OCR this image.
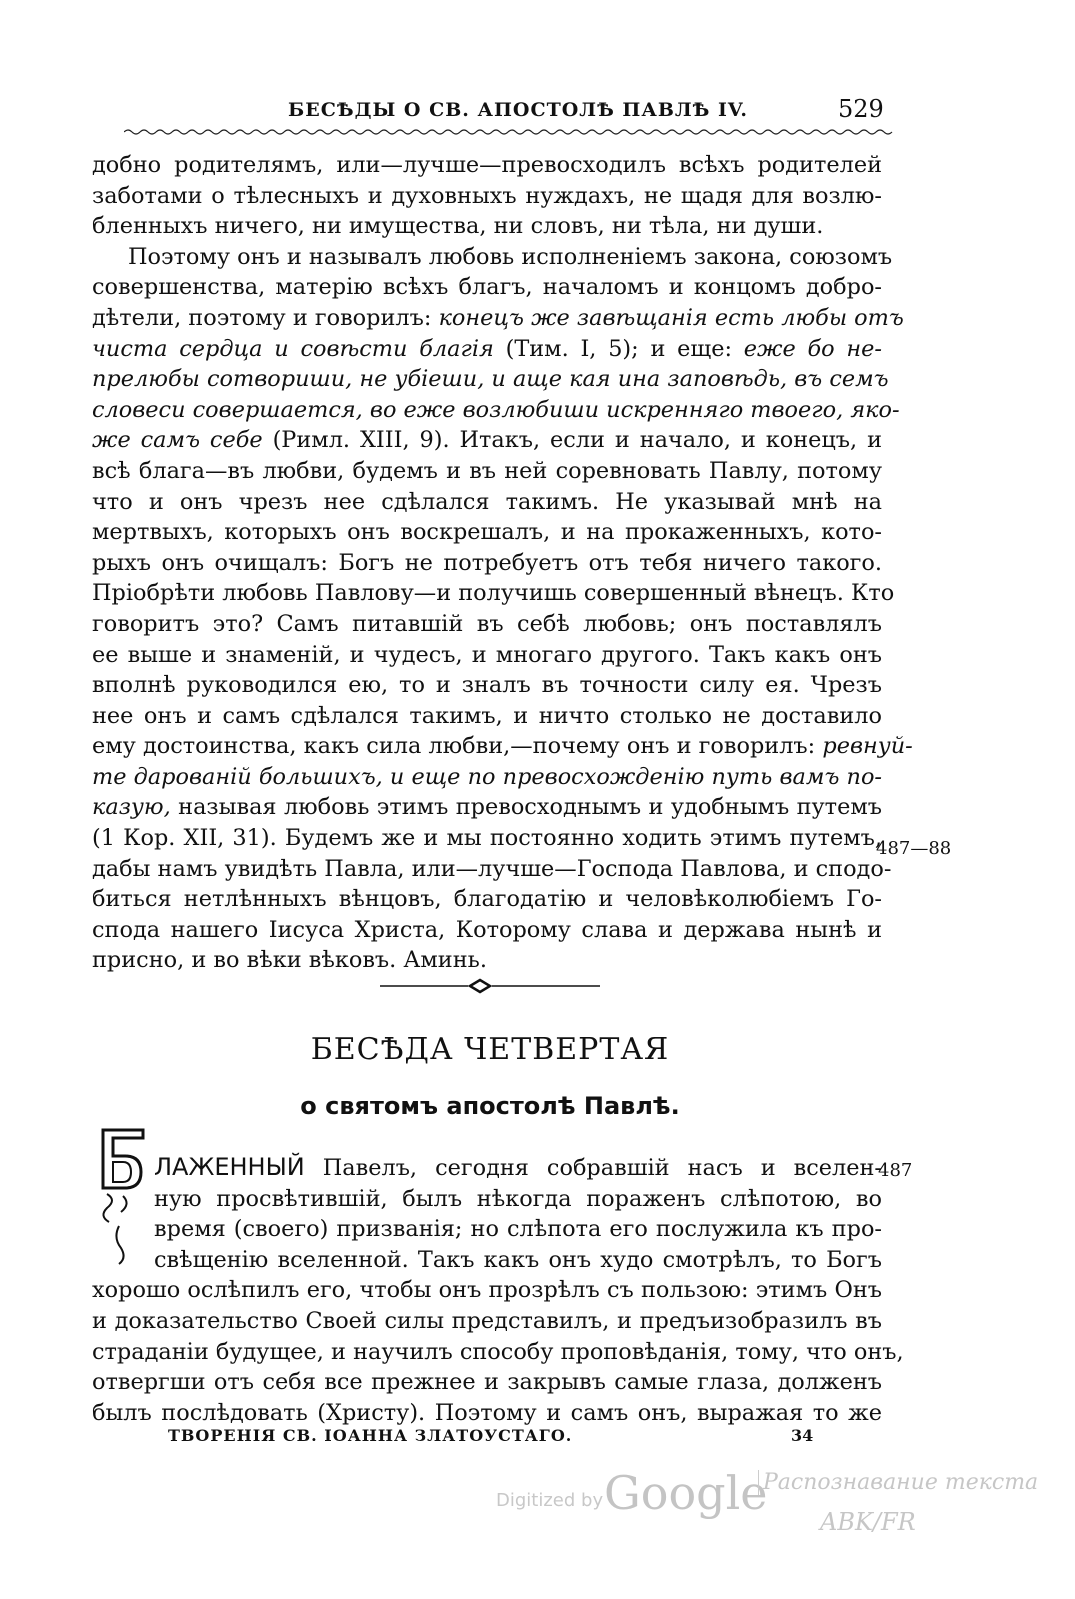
БЕСѢДЫ О СВ. АПОСТОЛѢ ПАВЛѢ IV.	529
добно родителямъ, или—лучше—превосходилъ всѣхъ родителей
заботами о тѣлесныхъ и духовныхъ нуждахъ, не щадя для возлю-
бленныхъ ничего, ни имущества, ни словъ, ни тѣла, ни души.
Поэтому онъ и называлъ любовь исполненіемъ закона, союзомъ
совершенства, матерію всѣхъ благъ, началомъ и концомъ добро-
дѣтели, поэтому и говорилъ: конецъ же завѣщанія есть любы отъ
чиста сердца и совѣсти благія (Тим. I, 5); и еще: еже бо не-
прелюбы сотвориши, не убіеши, и аще кая ина заповѣдь, въ семъ
словеси совершается, во еже возлюбиши искренняго твоего, яко-
же самъ себе (Римл. XIII, 9). Итакъ, если и начало, и конецъ, и
всѣ блага—въ любви, будемъ и въ ней соревновать Павлу, потому
что и онъ чрезъ нее сдѣлался такимъ. Не указывай мнѣ на
мертвыхъ, которыхъ онъ воскрешалъ, и на прокаженныхъ, кото-
рыхъ онъ очищалъ: Богъ не потребуетъ отъ тебя ничего такого.
Пріобрѣти любовь Павлову—и получишь совершенный вѣнецъ. Кто
говоритъ это? Самъ питавшій въ себѣ любовь; онъ поставлялъ
ее выше и знаменій, и чудесъ, и многаго другого. Такъ какъ онъ
вполнѣ руководился ею, то и зналъ въ точности силу ея. Чрезъ
нее онъ и самъ сдѣлался такимъ, и ничто столько не доставило
ему достоинства, какъ сила любви,—почему онъ и говорилъ: ревнуй-
те дарованій большихъ, и еще по превосхожденію путь вамъ по-
казую, называя любовь этимъ превосходнымъ и удобнымъ путемъ
(1 Кор. XII, 31). Будемъ же и мы постоянно ходить этимъ путемъ,
дабы намъ увидѣть Павла, или—лучше—Господа Павлова, и сподо-
биться нетлѣнныхъ вѣнцовъ, благодатію и человѣколюбіемъ Го-
спода нашего Іисуса Христа, Которому слава и держава нынѣ и
присно, и во вѣки вѣковъ. Аминь.
487—88
БЕСѢДА ЧЕТВЕРТАЯ
о святомъ апостолѣ Павлѣ.
ЛАЖЕННЫЙ Павелъ, сегодня собравшій насъ и вселен-
ную просвѣтившій, былъ нѣкогда пораженъ слѣпотою, во
время (своего) призванія; но слѣпота его послужила къ про-
свѣщенію вселенной. Такъ какъ онъ худо смотрѣлъ, то Богъ
хорошо ослѣпилъ его, чтобы онъ прозрѣлъ съ пользою: этимъ Онъ
и доказательство Своей силы представилъ, и предъизобразилъ въ
страданіи будущее, и научилъ способу проповѣданія, тому, что онъ,
отвергши отъ себя все прежнее и закрывъ самые глаза, долженъ
былъ послѣдовать (Христу). Поэтому и самъ онъ, выражая то же
487
ТВОРЕНІЯ СВ. ІОАННА ЗЛАТОУСТАГО.	34
Digitized by Google
Распознавание текста
ABK/FR
